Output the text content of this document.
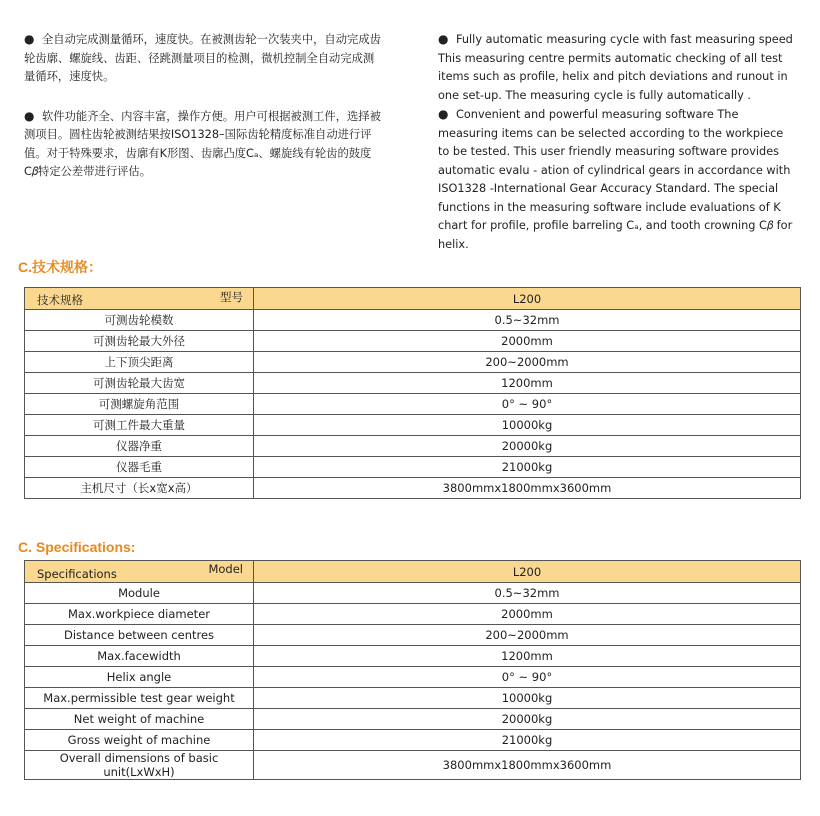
● 全自动完成测量循环，速度快。在被测齿轮一次装夹中，自动完成齿轮齿廓、螺旋线、齿距、径跳测量项目的检测，微机控制全自动完成测量循环，速度快。

● 软件功能齐全、内容丰富，操作方便。用户可根据被测工件，选择被测项目。圆柱齿轮被测结果按ISO1328–国际齿轮精度标准自动进行评值。对于特殊要求，齿廓有K形图、齿廓凸度Cₐ、螺旋线有轮齿的鼓度C𝛽特定公差带进行评估。

● Fully automatic measuring cycle with fast measuring speed This measuring centre permits automatic checking of all test items such as profile, helix and pitch deviations and runout in one set-up. The measuring cycle is fully automatically .

● Convenient and powerful measuring software The measuring items can be selected according to the workpiece to be tested. This user friendly measuring software provides automatic evalu - ation of cylindrical gears in accordance with ISO1328 -International Gear Accuracy Standard. The special functions in the measuring software include evaluations of K chart for profile, profile barreling Cₐ, and tooth crowning C𝛽 for helix.

C.技术规格：
型号
技术规格	L200
可测齿轮模数	0.5~32mm
可测齿轮最大外径	2000mm
上下顶尖距离	200~2000mm
可测齿轮最大齿宽	1200mm
可测螺旋角范围	0° ~ 90°
可测工件最大重量	10000kg
仪器净重	20000kg
仪器毛重	21000kg
主机尺寸（长x宽x高）	3800mmx1800mmx3600mm
C. Specifications:
Model
Specifications	L200
Module	0.5~32mm
Max.workpiece diameter	2000mm
Distance between centres	200~2000mm
Max.facewidth	1200mm
Helix angle	0° ~ 90°
Max.permissible test gear weight	10000kg
Net weight of machine	20000kg
Gross weight of machine	21000kg
Overall dimensions of basic unit(LxWxH)	3800mmx1800mmx3600mm
